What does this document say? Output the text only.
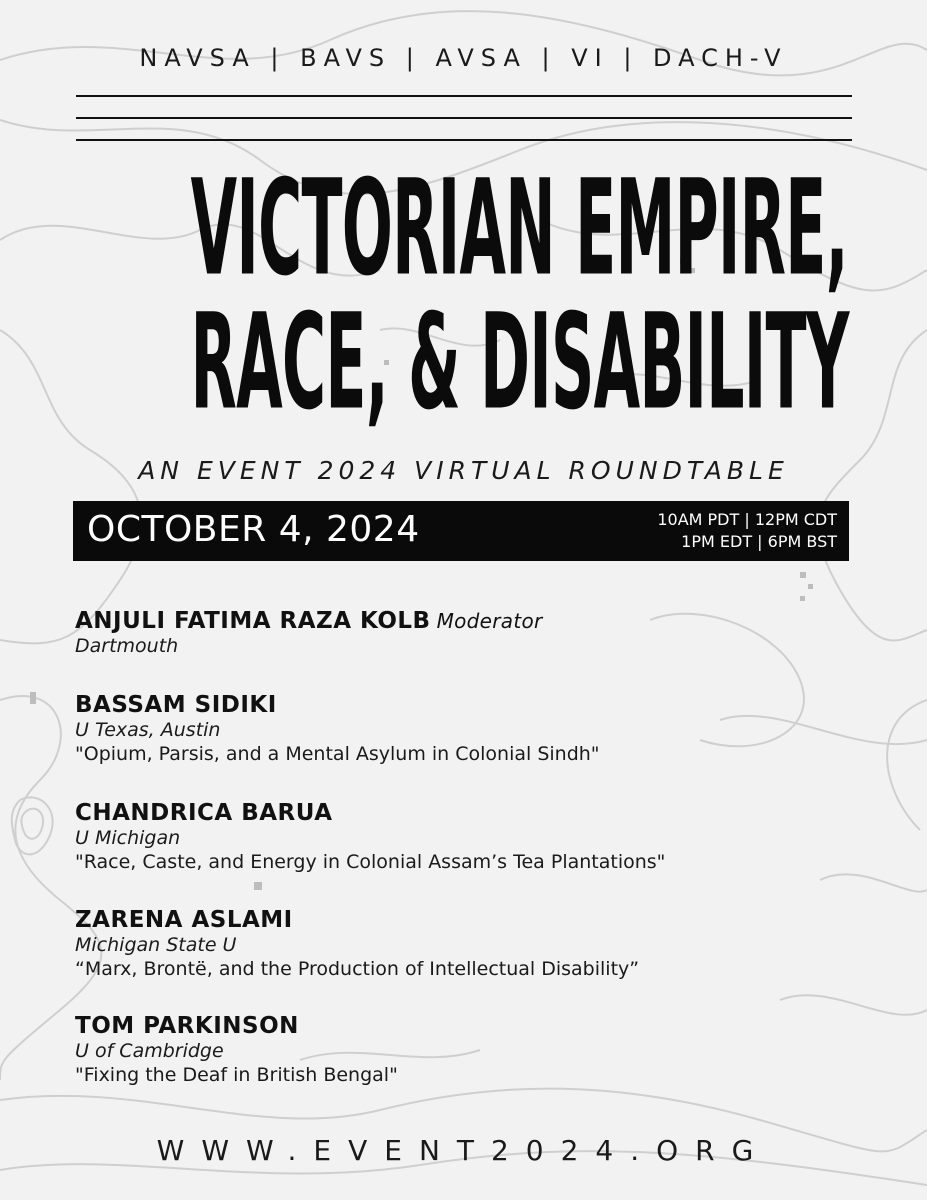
NAVSA | BAVS | AVSA | VI | DACH-V
VICTORIAN EMPIRE,
RACE, & DISABILITY
AN EVENT 2024 VIRTUAL ROUNDTABLE
OCTOBER 4, 2024	10AM PDT | 12PM CDT
1PM EDT | 6PM BST
ANJULI FATIMA RAZA KOLB Moderator
Dartmouth
BASSAM SIDIKI
U Texas, Austin
"Opium, Parsis, and a Mental Asylum in Colonial Sindh"
CHANDRICA BARUA
U Michigan
"Race, Caste, and Energy in Colonial Assam’s Tea Plantations"
ZARENA ASLAMI
Michigan State U
“Marx, Brontë, and the Production of Intellectual Disability”
TOM PARKINSON
U of Cambridge
"Fixing the Deaf in British Bengal"
WWW.EVENT2024.ORG
